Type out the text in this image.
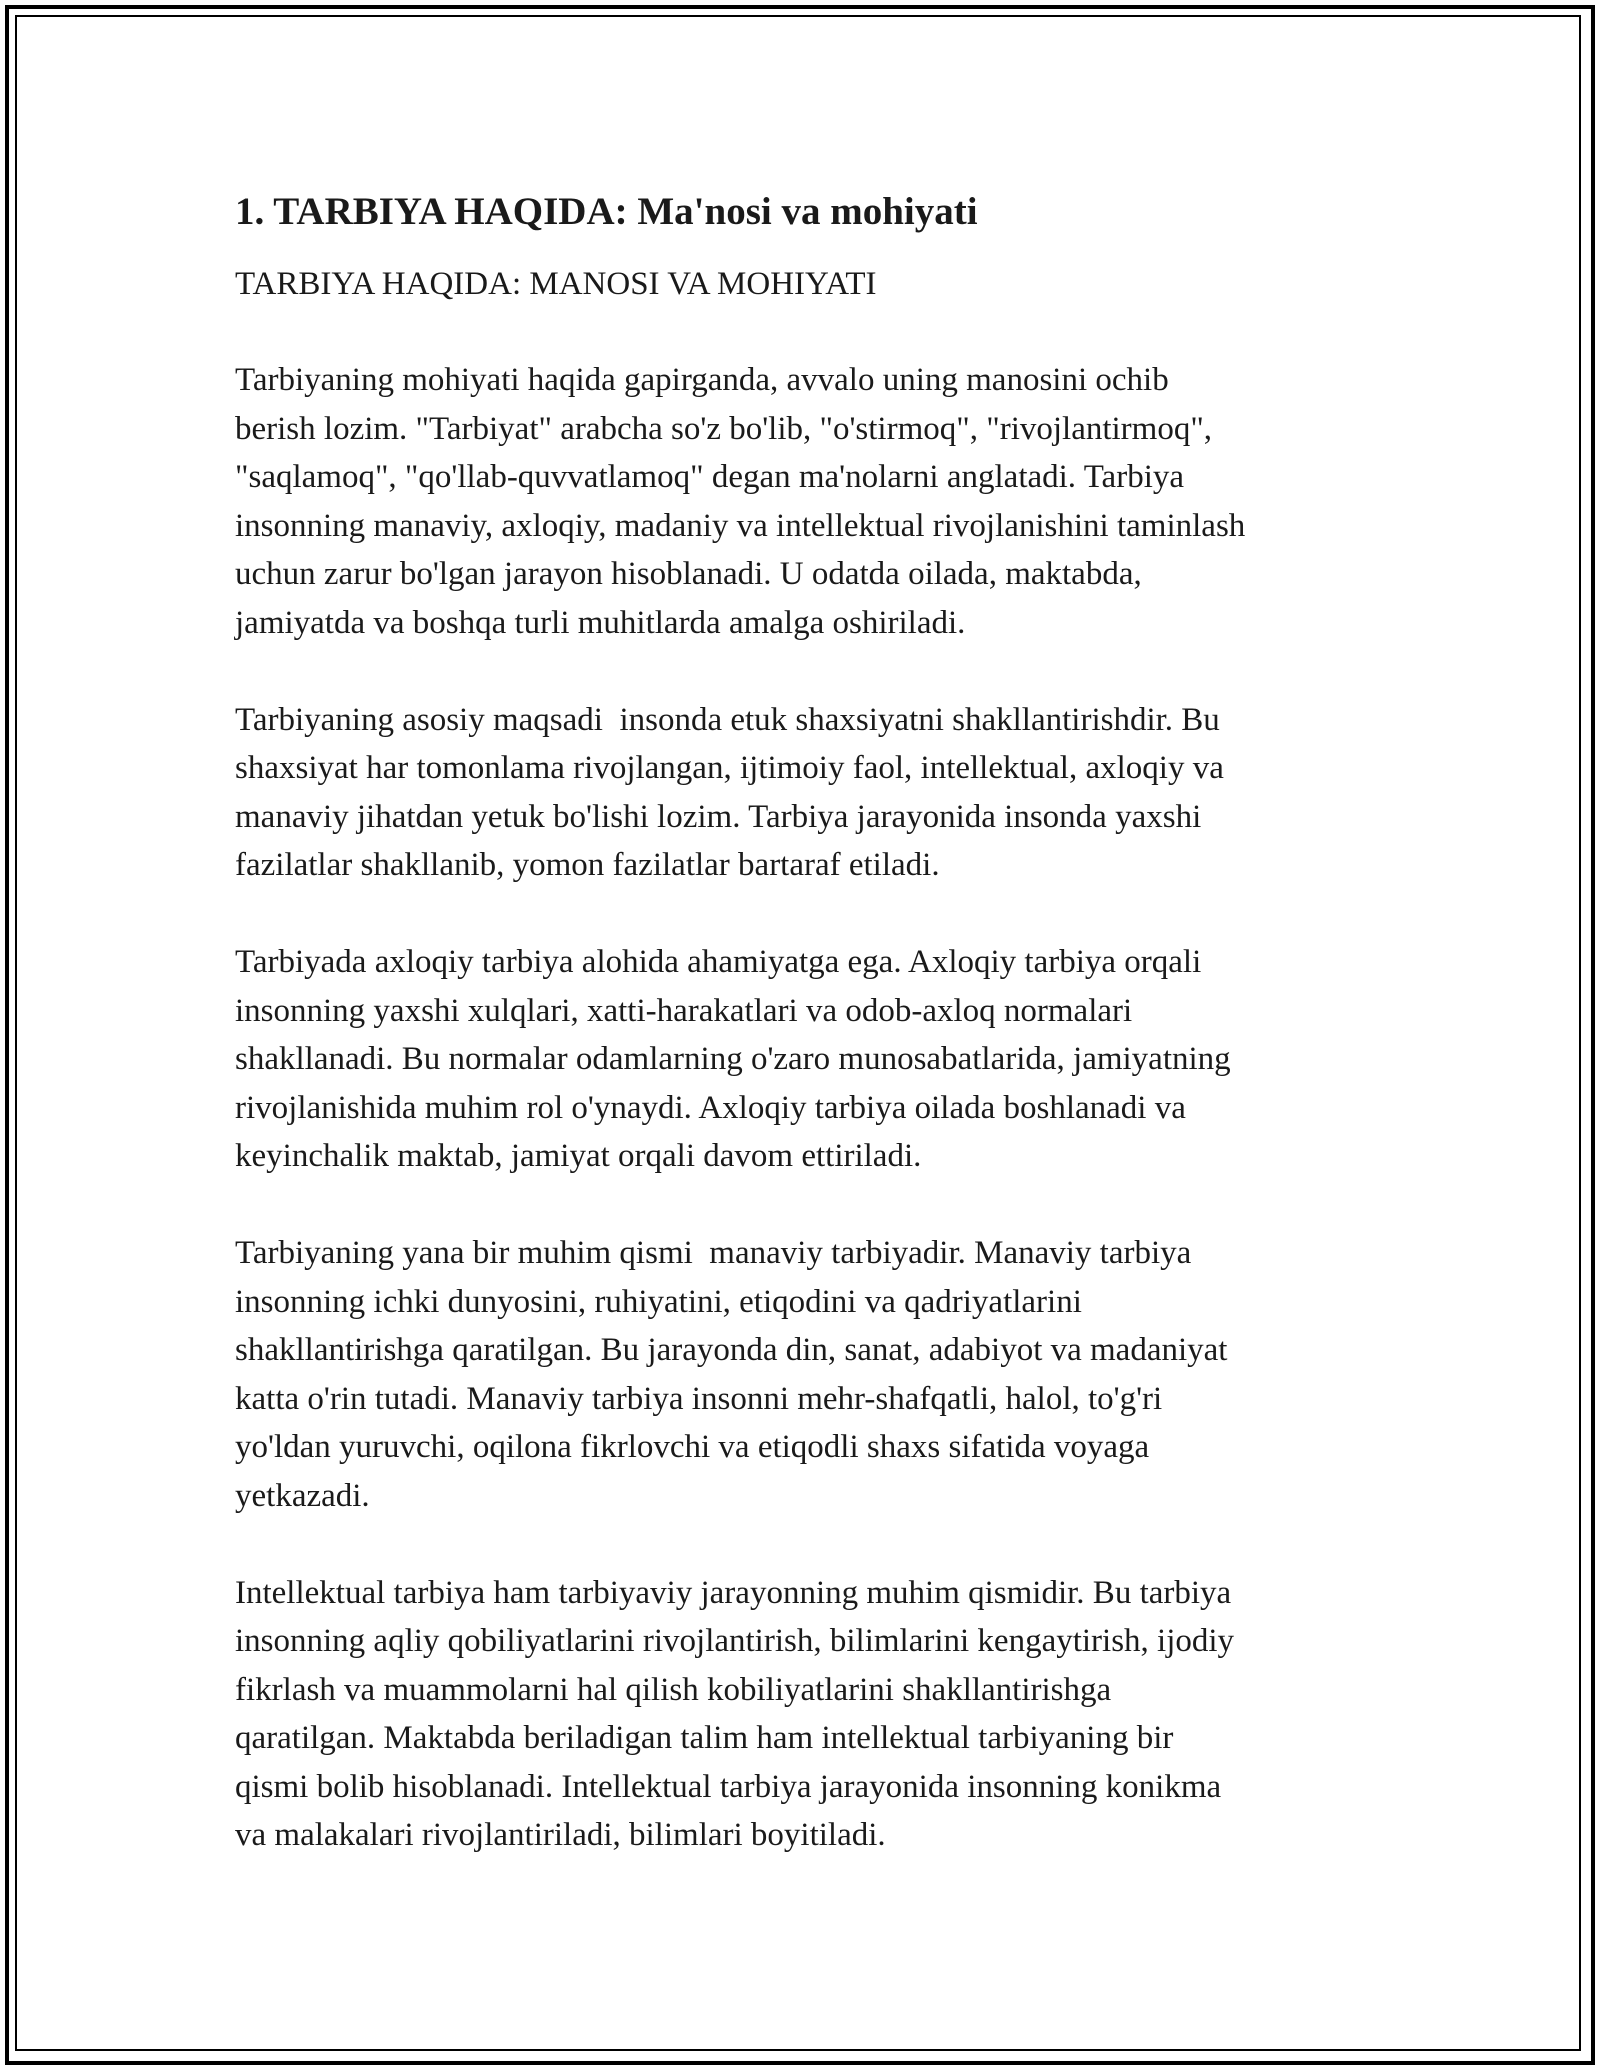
1. TARBIYA HAQIDA: Ma'nosi va mohiyati
TARBIYA HAQIDA: MANOSI VA MOHIYATI
Tarbiyaning mohiyati haqida gapirganda, avvalo uning manosini ochib
berish lozim. "Tarbiyat" arabcha so'z bo'lib, "o'stirmoq", "rivojlantirmoq",
"saqlamoq", "qo'llab-quvvatlamoq" degan ma'nolarni anglatadi. Tarbiya
insonning manaviy, axloqiy, madaniy va intellektual rivojlanishini taminlash
uchun zarur bo'lgan jarayon hisoblanadi. U odatda oilada, maktabda,
jamiyatda va boshqa turli muhitlarda amalga oshiriladi.
Tarbiyaning asosiy maqsadi  insonda etuk shaxsiyatni shakllantirishdir. Bu
shaxsiyat har tomonlama rivojlangan, ijtimoiy faol, intellektual, axloqiy va
manaviy jihatdan yetuk bo'lishi lozim. Tarbiya jarayonida insonda yaxshi
fazilatlar shakllanib, yomon fazilatlar bartaraf etiladi.
Tarbiyada axloqiy tarbiya alohida ahamiyatga ega. Axloqiy tarbiya orqali
insonning yaxshi xulqlari, xatti-harakatlari va odob-axloq normalari
shakllanadi. Bu normalar odamlarning o'zaro munosabatlarida, jamiyatning
rivojlanishida muhim rol o'ynaydi. Axloqiy tarbiya oilada boshlanadi va
keyinchalik maktab, jamiyat orqali davom ettiriladi.
Tarbiyaning yana bir muhim qismi  manaviy tarbiyadir. Manaviy tarbiya
insonning ichki dunyosini, ruhiyatini, etiqodini va qadriyatlarini
shakllantirishga qaratilgan. Bu jarayonda din, sanat, adabiyot va madaniyat
katta o'rin tutadi. Manaviy tarbiya insonni mehr-shafqatli, halol, to'g'ri
yo'ldan yuruvchi, oqilona fikrlovchi va etiqodli shaxs sifatida voyaga
yetkazadi.
Intellektual tarbiya ham tarbiyaviy jarayonning muhim qismidir. Bu tarbiya
insonning aqliy qobiliyatlarini rivojlantirish, bilimlarini kengaytirish, ijodiy
fikrlash va muammolarni hal qilish kobiliyatlarini shakllantirishga
qaratilgan. Maktabda beriladigan talim ham intellektual tarbiyaning bir
qismi bolib hisoblanadi. Intellektual tarbiya jarayonida insonning konikma
va malakalari rivojlantiriladi, bilimlari boyitiladi.
